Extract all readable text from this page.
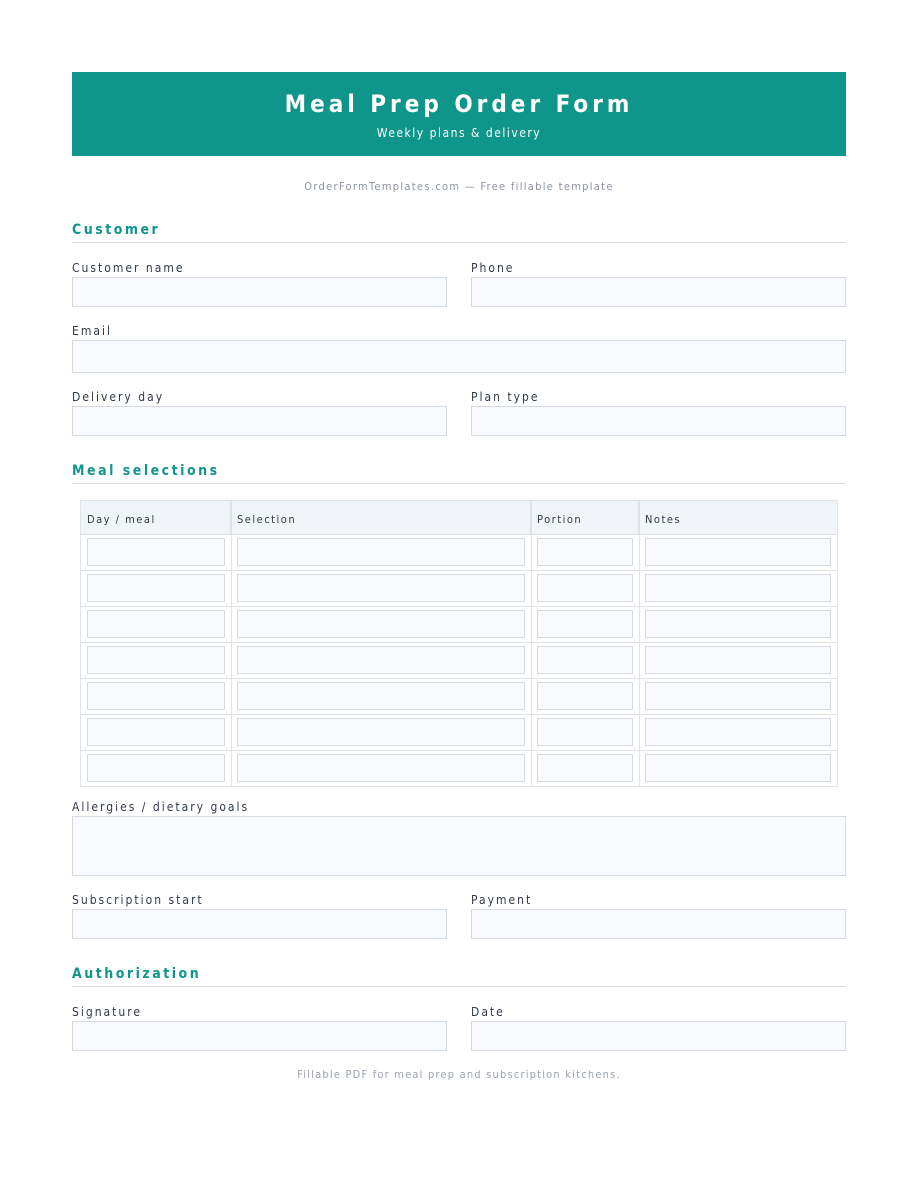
Meal Prep Order Form
Weekly plans & delivery
OrderFormTemplates.com — Free fillable template
Customer
Customer name	Phone
Email
Delivery day	Plan type
Meal selections
Day / meal	Selection	Portion	Notes
Allergies / dietary goals
Subscription start	Payment
Authorization
Signature	Date
Fillable PDF for meal prep and subscription kitchens.
